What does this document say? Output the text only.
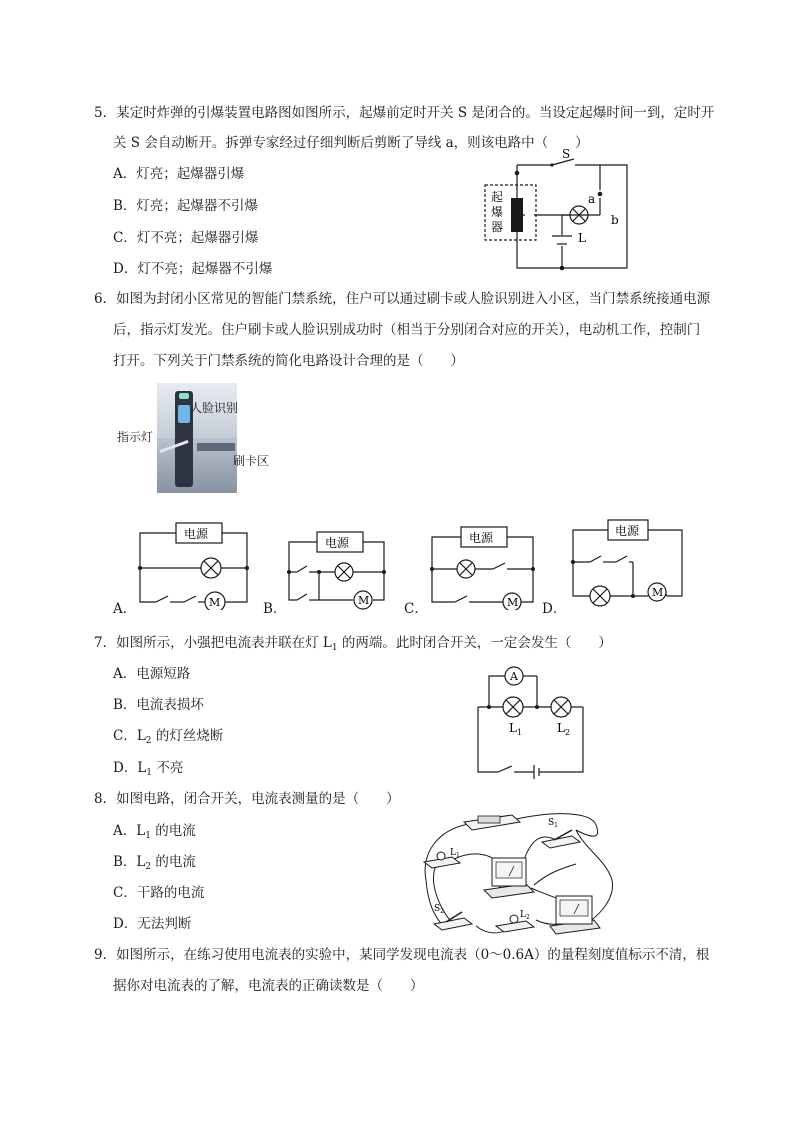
5．某定时炸弹的引爆装置电路图如图所示，起爆前定时开关 S 是闭合的。当设定起爆时间一到，定时开
关 S 会自动断开。拆弹专家经过仔细判断后剪断了导线 a，则该电路中（　　）
A．灯亮；起爆器引爆
B．灯亮；起爆器不引爆
C．灯不亮；起爆器引爆
D．灯不亮；起爆器不引爆
S
a
b
L
起
爆
器
6．如图为封闭小区常见的智能门禁系统，住户可以通过刷卡或人脸识别进入小区，当门禁系统接通电源
后，指示灯发光。住户刷卡或人脸识别成功时（相当于分别闭合对应的开关），电动机工作，控制门
打开。下列关于门禁系统的简化电路设计合理的是（　　）
人脸识别
指示灯
刷卡区
电源
M
电源
M
电源
M
电源
M
A．	B．	C．	D．
7．如图所示，小强把电流表并联在灯 $L_1$ 的两端。此时闭合开关，一定会发生（　　）
A．电源短路
B．电流表损坏
C．$L_2$ 的灯丝烧断
D．$L_1$ 不亮
A
$L_1$	$L_2$
8．如图电路，闭合开关，电流表测量的是（　　）
A．$L_1$ 的电流
B．$L_2$ 的电流
C．干路的电流
D．无法判断
$S_1$
$L_1$
$S_2$	$L_2$
9．如图所示，在练习使用电流表的实验中，某同学发现电流表（0～0.6A）的量程刻度值标示不清，根
据你对电流表的了解，电流表的正确读数是（　　）
